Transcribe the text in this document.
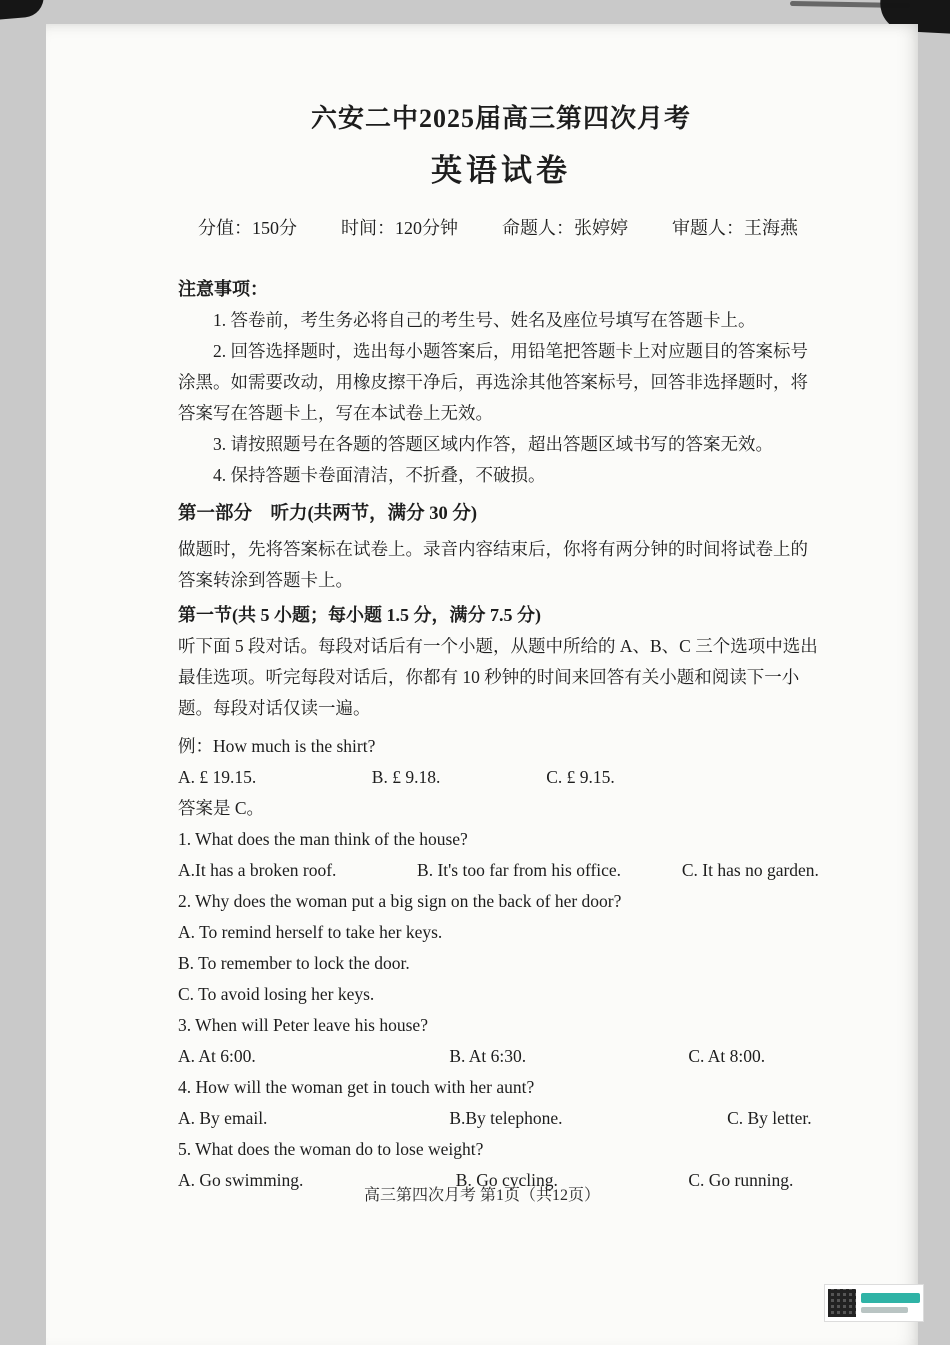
六安二中2025届高三第四次月考
英语试卷
分值：150分 时间：120分钟 命题人：张婷婷 审题人：王海燕

注意事项：

1. 答卷前，考生务必将自己的考生号、姓名及座位号填写在答题卡上。

2. 回答选择题时，选出每小题答案后，用铅笔把答题卡上对应题目的答案标号涂黑。如需要改动，用橡皮擦干净后，再选涂其他答案标号，回答非选择题时，将答案写在答题卡上，写在本试卷上无效。

3. 请按照题号在各题的答题区域内作答，超出答题区域书写的答案无效。

4. 保持答题卡卷面清洁，不折叠，不破损。

第一部分　听力(共两节，满分 30 分)

做题时，先将答案标在试卷上。录音内容结束后，你将有两分钟的时间将试卷上的答案转涂到答题卡上。

第一节(共 5 小题；每小题 1.5 分，满分 7.5 分)

听下面 5 段对话。每段对话后有一个小题，从题中所给的 A、B、C 三个选项中选出最佳选项。听完每段对话后，你都有 10 秒钟的时间来回答有关小题和阅读下一小题。每段对话仅读一遍。

例：How much is the shirt?

A. £ 19.15.	B. £ 9.18.	C. £ 9.15.

答案是 C。

1. What does the man think of the house?

A.It has a broken roof.	B. It's too far from his office.	C. It has no garden.

2. Why does the woman put a big sign on the back of her door?

A. To remind herself to take her keys.

B. To remember to lock the door.

C. To avoid losing her keys.

3. When will Peter leave his house?

A. At 6:00.	B. At 6:30.	C. At 8:00.

4. How will the woman get in touch with her aunt?

A. By email.	B.By telephone.	C. By letter.

5. What does the woman do to lose weight?

A. Go swimming.	B. Go cycling.	C. Go running.
高三第四次月考 第1页（共12页）
